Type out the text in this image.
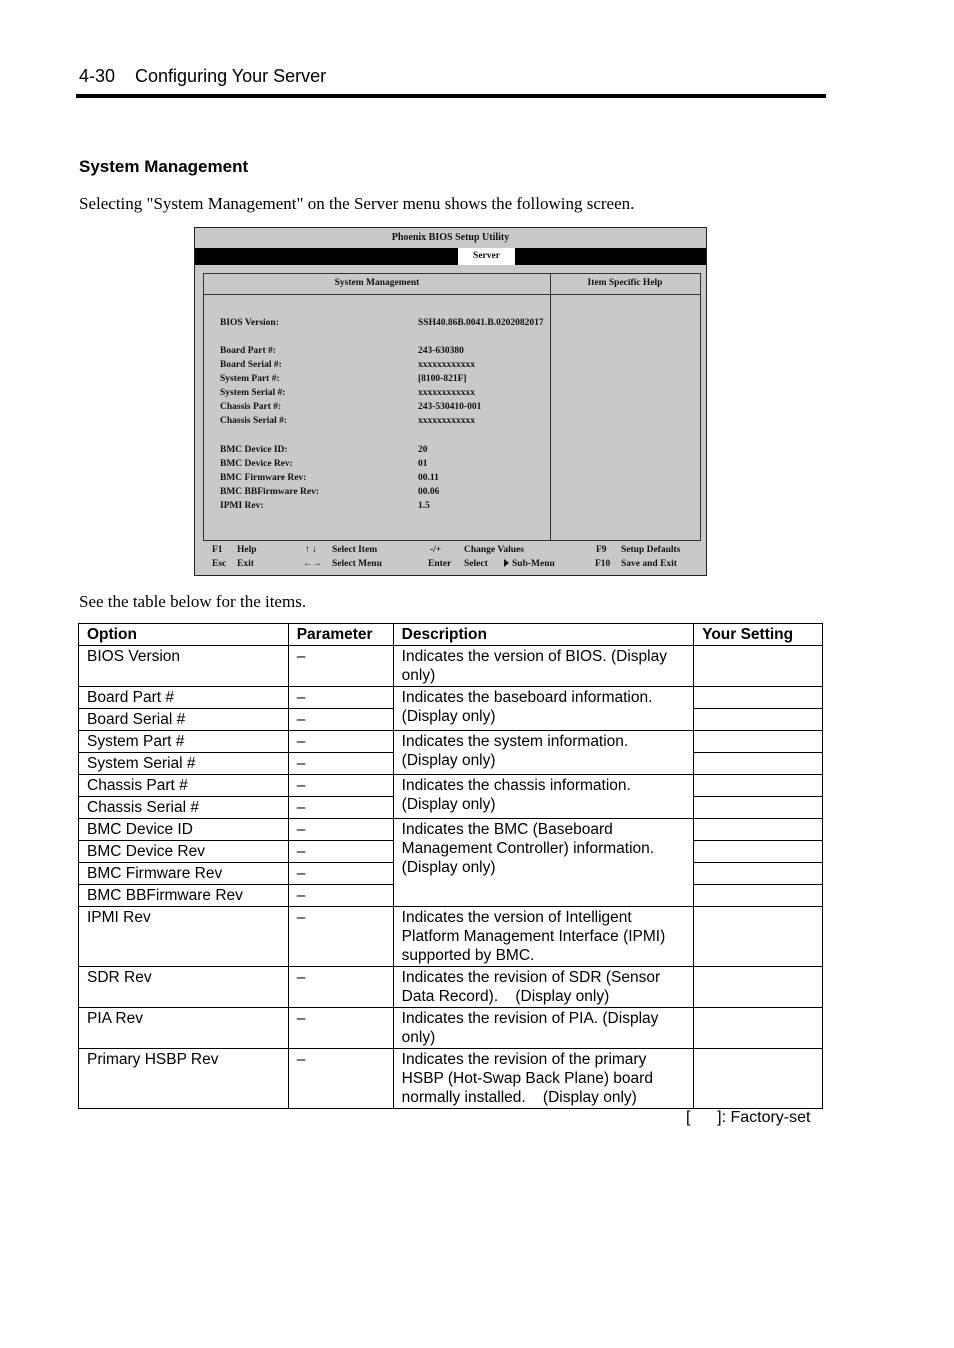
4-30    Configuring Your Server
System Management
Selecting "System Management" on the Server menu shows the following screen.
Phoenix BIOS Setup Utility
Server
System Management	Item Specific Help
BIOS Version:	SSH40.86B.0041.B.0202082017
Board Part #:	243-630380
Board Serial #:	xxxxxxxxxxxx
System Part #:	[8100-821F]
System Serial #:	xxxxxxxxxxxx
Chassis Part #:	243-530410-001
Chassis Serial #:	xxxxxxxxxxxx
BMC Device ID:	20
BMC Device Rev:	01
BMC Firmware Rev:	00.11
BMC BBFirmware Rev:	00.06
IPMI Rev:	1.5
F1 Help
Esc Exit
↑ ↓ Select Item
←→ Select Menu
-/+ Change Values
Enter Select	Sub-Menu
F9 Setup Defaults
F10 Save and Exit
See the table below for the items.
Option	Parameter	Description	Your Setting
BIOS Version	–	Indicates the version of BIOS. (Display only)	
Board Part #	–	Indicates the baseboard information. (Display only)	
Board Serial #	–		
System Part #	–	Indicates the system information. (Display only)	
System Serial #	–		
Chassis Part #	–	Indicates the chassis information. (Display only)	
Chassis Serial #	–		
BMC Device ID	–	Indicates the BMC (Baseboard Management Controller) information. (Display only)	
BMC Device Rev	–		
BMC Firmware Rev	–		
BMC BBFirmware Rev	–		
IPMI Rev	–	Indicates the version of Intelligent Platform Management Interface (IPMI) supported by BMC.	
SDR Rev	–	Indicates the revision of SDR (Sensor Data Record).    (Display only)	
PIA Rev	–	Indicates the revision of PIA. (Display only)	
Primary HSBP Rev	–	Indicates the revision of the primary HSBP (Hot-Swap Back Plane) board normally installed.    (Display only)	
[      ]: Factory-set
